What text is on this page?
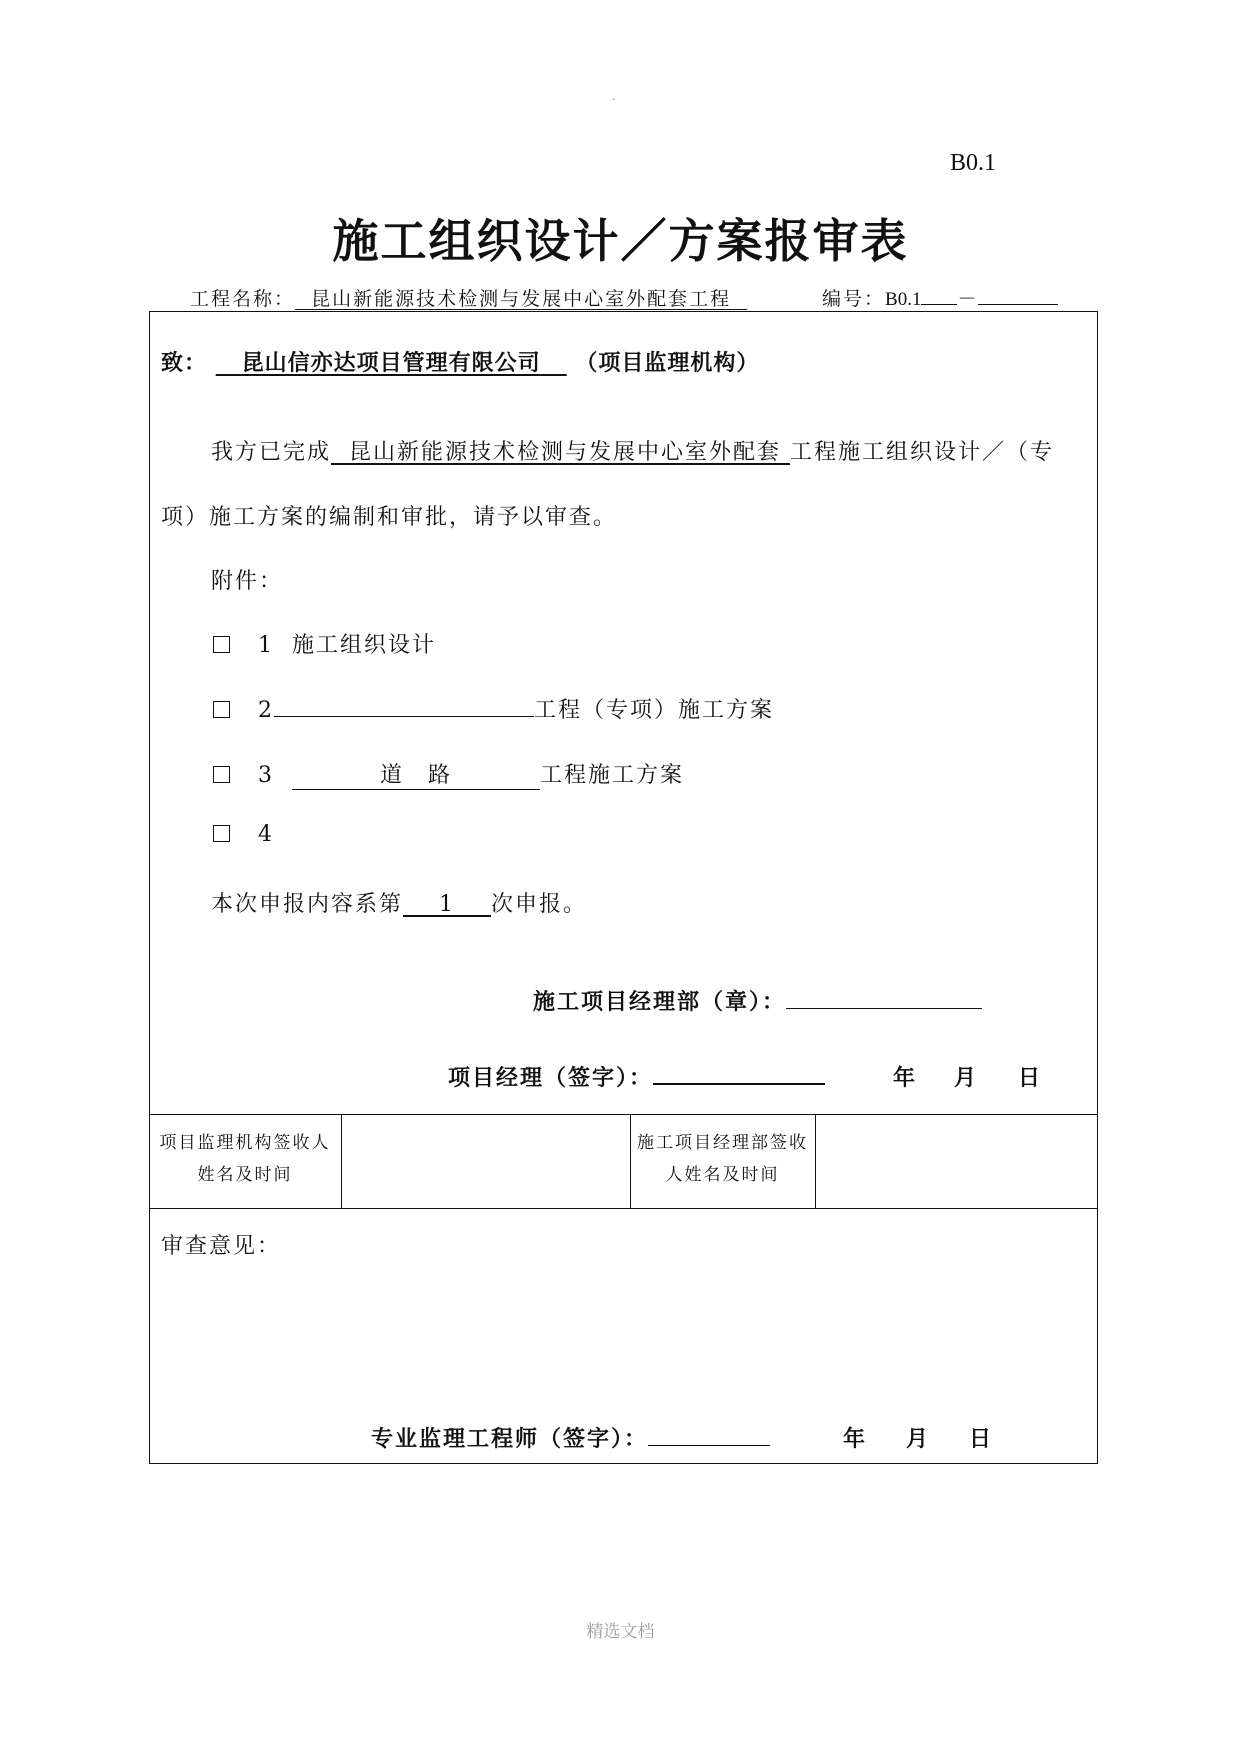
.
B0.1
施工组织设计／方案报审表
工程名称： 昆山新能源技术检测与发展中心室外配套工程	编号：B0.1 －
致： 昆山信亦达项目管理有限公司 （项目监理机构）
我方已完成 昆山新能源技术检测与发展中心室外配套 工程施工组织设计／（专
项）施工方案的编制和审批，请予以审查。
附件：
1 施工组织设计
2	工程（专项）施工方案
3	道　路	工程施工方案
4
本次申报内容系第 1 次申报。
施工项目经理部（章）：
项目经理（签字）：	年 月 日
项目监理机构签收人姓名及时间
施工项目经理部签收人姓名及时间
审查意见：
专业监理工程师（签字）：	年 月 日
精选文档
